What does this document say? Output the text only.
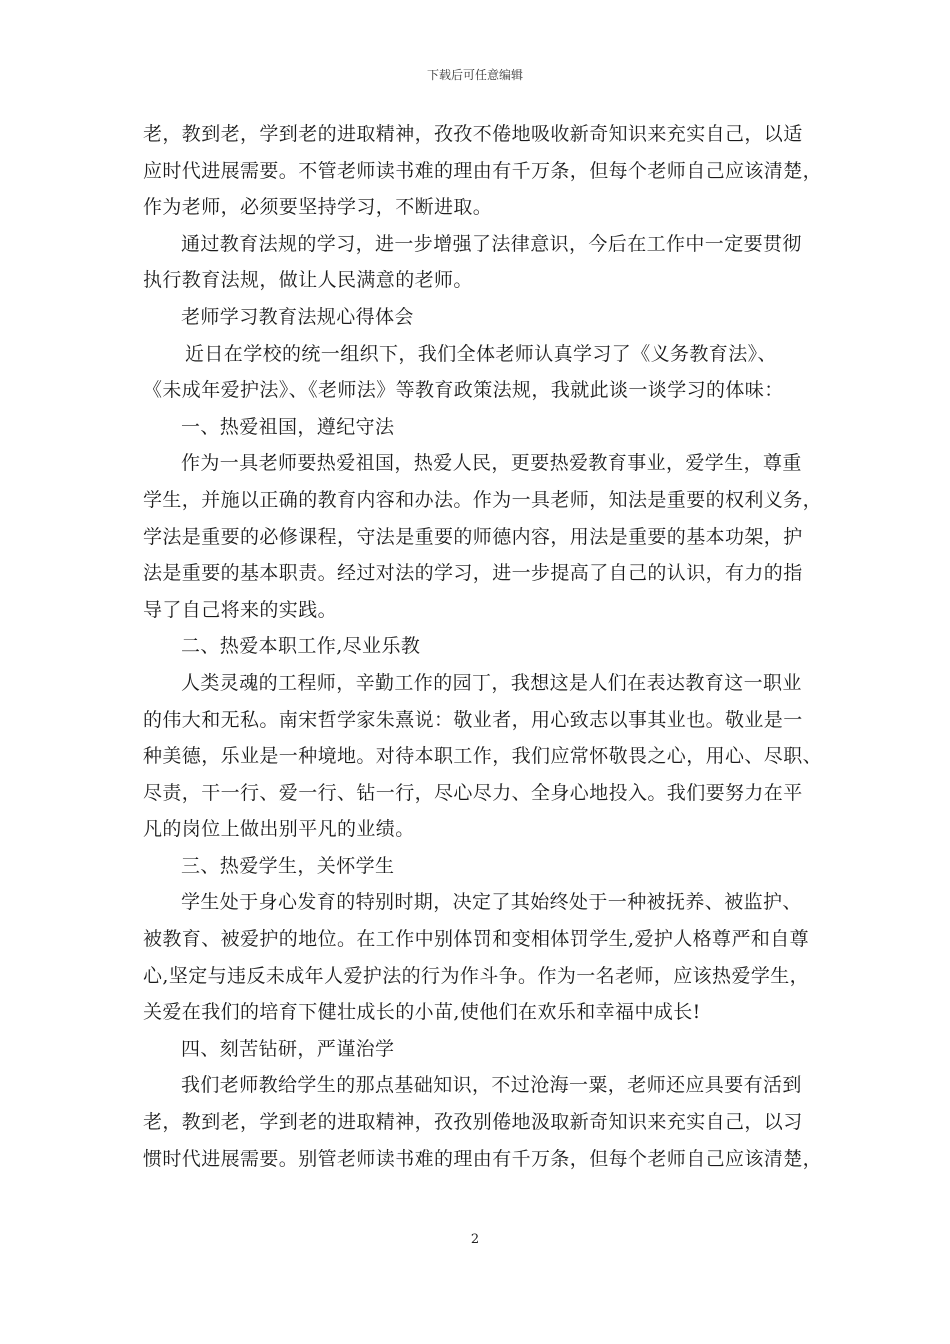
下载后可任意编辑
老，教到老，学到老的进取精神，孜孜不倦地吸收新奇知识来充实自己，以适
应时代进展需要。不管老师读书难的理由有千万条，但每个老师自己应该清楚，
作为老师，必须要坚持学习，不断进取。
通过教育法规的学习，进一步增强了法律意识，今后在工作中一定要贯彻
执行教育法规，做让人民满意的老师。
老师学习教育法规心得体会
近日在学校的统一组织下，我们全体老师认真学习了《义务教育法》、
《未成年爱护法》、《老师法》等教育政策法规，我就此谈一谈学习的体味：
一、热爱祖国，遵纪守法
作为一具老师要热爱祖国，热爱人民，更要热爱教育事业，爱学生，尊重
学生，并施以正确的教育内容和办法。作为一具老师，知法是重要的权利义务，
学法是重要的必修课程，守法是重要的师德内容，用法是重要的基本功架，护
法是重要的基本职责。经过对法的学习，进一步提高了自己的认识，有力的指
导了自己将来的实践。
二、热爱本职工作,尽业乐教
人类灵魂的工程师，辛勤工作的园丁，我想这是人们在表达教育这一职业
的伟大和无私。南宋哲学家朱熹说：敬业者，用心致志以事其业也。敬业是一
种美德，乐业是一种境地。对待本职工作，我们应常怀敬畏之心，用心、尽职、
尽责，干一行、爱一行、钻一行，尽心尽力、全身心地投入。我们要努力在平
凡的岗位上做出别平凡的业绩。
三、热爱学生，关怀学生
学生处于身心发育的特别时期，决定了其始终处于一种被抚养、被监护、
被教育、被爱护的地位。在工作中别体罚和变相体罚学生,爱护人格尊严和自尊
心,坚定与违反未成年人爱护法的行为作斗争。作为一名老师，应该热爱学生，
关爱在我们的培育下健壮成长的小苗,使他们在欢乐和幸福中成长!
四、刻苦钻研，严谨治学
我们老师教给学生的那点基础知识，不过沧海一粟，老师还应具要有活到
老，教到老，学到老的进取精神，孜孜别倦地汲取新奇知识来充实自己，以习
惯时代进展需要。别管老师读书难的理由有千万条，但每个老师自己应该清楚，
2
